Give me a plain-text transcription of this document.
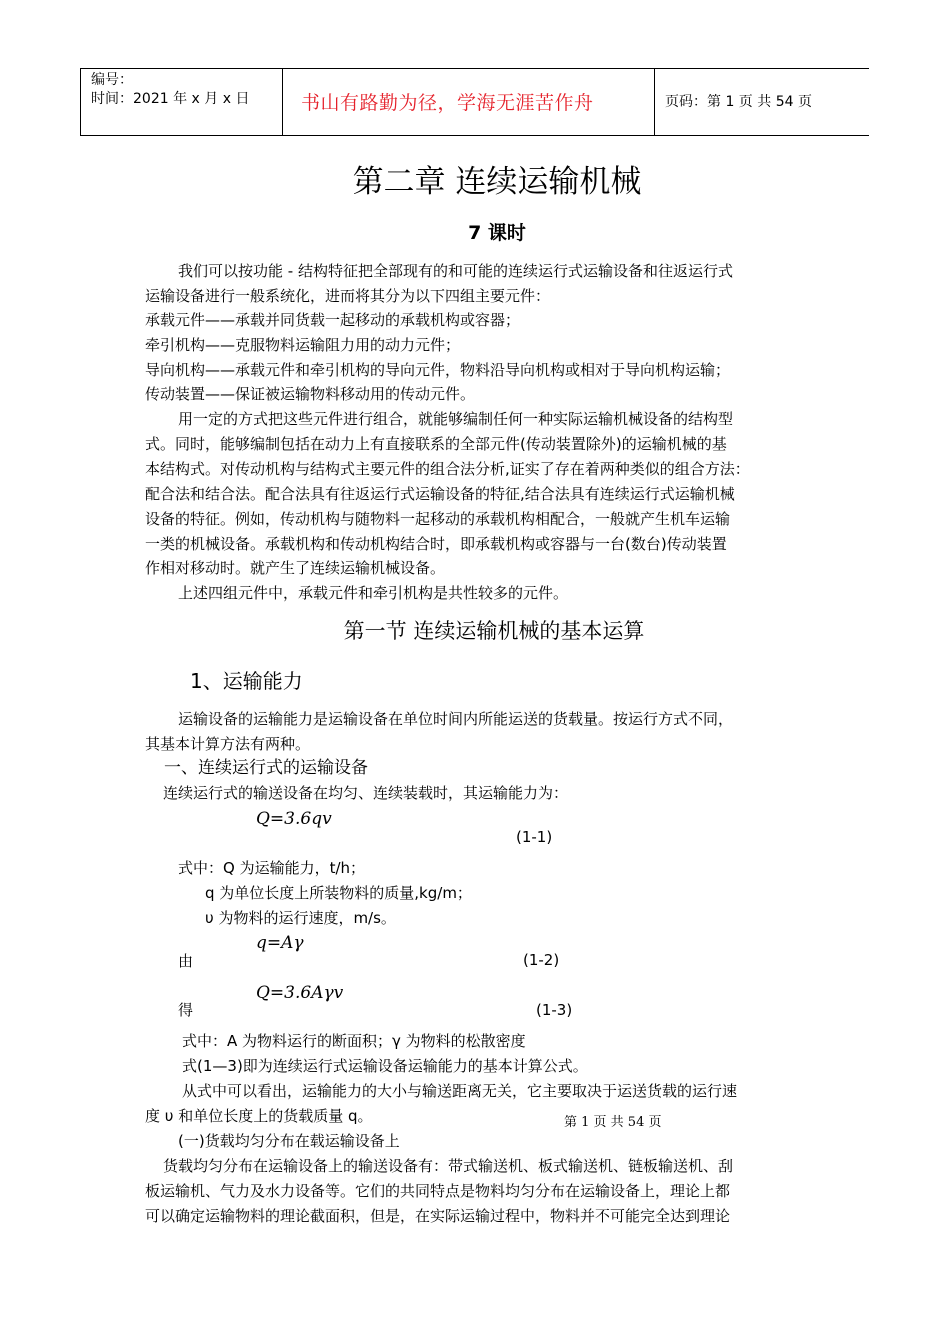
编号：
时间：2021 年 x 月 x 日	书山有路勤为径，学海无涯苦作舟	页码：第 1 页 共 54 页
第二章 连续运输机械
7 课时
我们可以按功能 - 结构特征把全部现有的和可能的连续运行式运输设备和往返运行式
运输设备进行一般系统化，进而将其分为以下四组主要元件：
承载元件——承载并同货载一起移动的承载机构或容器；
牵引机构——克服物料运输阻力用的动力元件；
导向机构——承载元件和牵引机构的导向元件，物料沿导向机构或相对于导向机构运输；
传动装置——保证被运输物料移动用的传动元件。
用一定的方式把这些元件进行组合，就能够编制任何一种实际运输机械设备的结构型
式。同时，能够编制包括在动力上有直接联系的全部元件(传动装置除外)的运输机械的基
本结构式。对传动机构与结构式主要元件的组合法分析,证实了存在着两种类似的组合方法：
配合法和结合法。配合法具有往返运行式运输设备的特征,结合法具有连续运行式运输机械
设备的特征。例如，传动机构与随物料一起移动的承载机构相配合，一般就产生机车运输
一类的机械设备。承载机构和传动机构结合时，即承载机构或容器与一台(数台)传动装置
作相对移动时。就产生了连续运输机械设备。
上述四组元件中，承载元件和牵引机构是共性较多的元件。
第一节 连续运输机械的基本运算
1、运输能力
运输设备的运输能力是运输设备在单位时间内所能运送的货载量。按运行方式不同，
其基本计算方法有两种。
一、连续运行式的运输设备
连续运行式的输送设备在均匀、连续装载时，其运输能力为：
Q=3.6qv
(1-1)
式中：Q 为运输能力，t/h；
q 为单位长度上所装物料的质量,kg/m；
υ 为物料的运行速度，m/s。
q=Aγ
由	(1-2)
Q=3.6Aγv
得	(1-3)
式中：A 为物料运行的断面积；γ 为物料的松散密度
式(1—3)即为连续运行式运输设备运输能力的基本计算公式。
从式中可以看出，运输能力的大小与输送距离无关，它主要取决于运送货载的运行速
度 υ 和单位长度上的货载质量 q。	第 1 页 共 54 页
(一)货载均匀分布在载运输设备上
货载均匀分布在运输设备上的输送设备有：带式输送机、板式输送机、链板输送机、刮
板运输机、气力及水力设备等。它们的共同特点是物料均匀分布在运输设备上，理论上都
可以确定运输物料的理论截面积，但是，在实际运输过程中，物料并不可能完全达到理论
